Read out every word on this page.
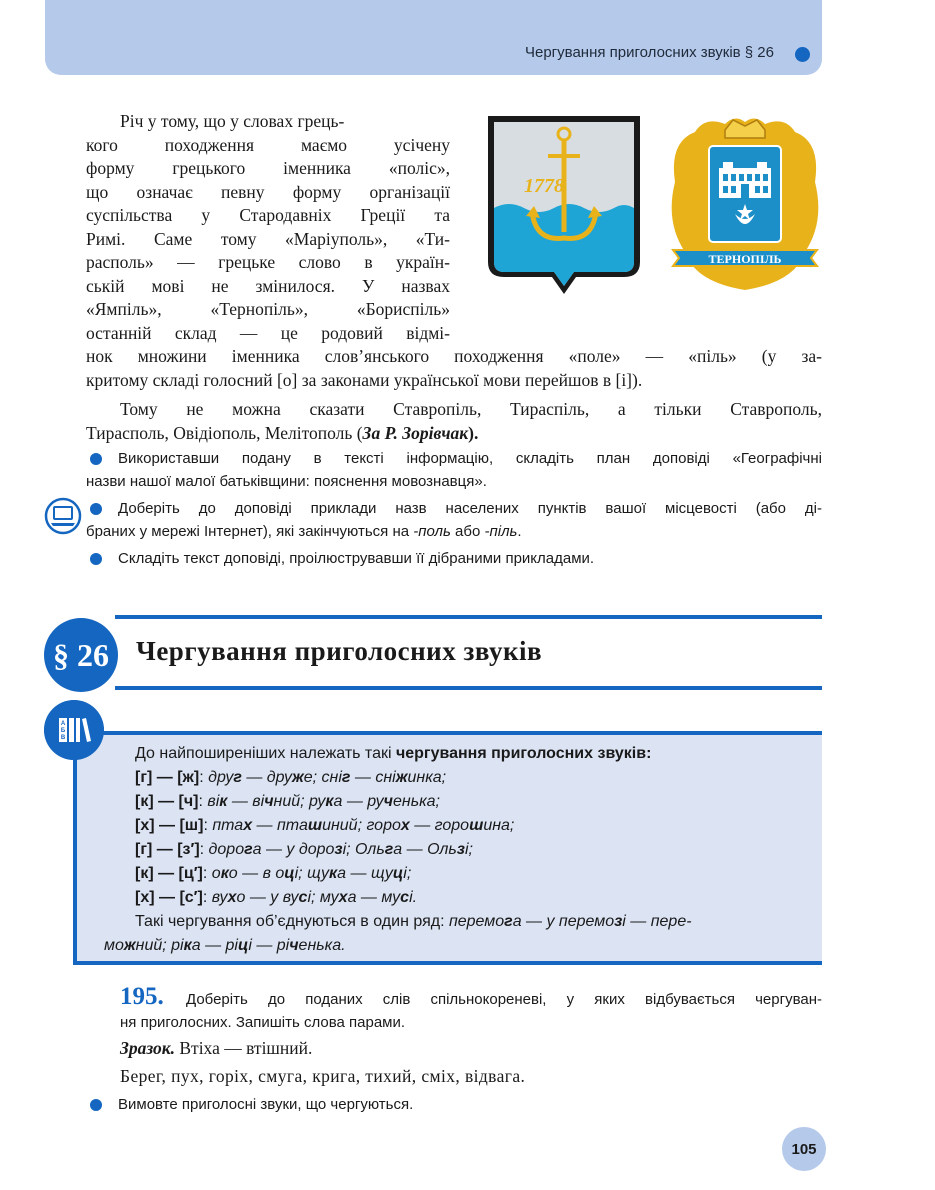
Чергування приголосних звуків § 26

Річ у тому, що у словах грець-

кого походження маємо усічену

форму грецького іменника «поліс»,

що означає певну форму організації

суспільства у Стародавніх Греції та

Римі. Саме тому «Маріуполь», «Ти-

располь» — грецьке слово в україн-

ській мові не змінилося. У назвах

«Ямпіль», «Тернопіль», «Бориспіль»

останній склад — це родовий відмі-

нок множини іменника слов’янського походження «поле» — «піль» (у за-

критому складі голосний [о] за законами української мови перейшов в [і]).

Тому не можна сказати Ставропіль, Тираспіль, а тільки Ставрополь,

Тирасполь, Овідіополь, Мелітополь (За Р. Зорівчак).

1778
ТЕРНОПІЛЬ

Використавши подану в тексті інформацію, складіть план доповіді «Географічні

назви нашої малої батьківщини: пояснення мовознавця».

Доберіть до доповіді приклади назв населених пунктів вашої місцевості (або ді-

браних у мережі Інтернет), які закінчуються на -поль або -піль.

Складіть текст доповіді, проілюструвавши її дібраними прикладами.

§ 26	Чергування приголосних звуків
А
Б
В
До найпоширеніших належать такі чергування приголосних звуків:
[г] — [ж]: друг — друже; сніг — сніжинка;
[к] — [ч]: вік — вічний; рука — рученька;
[х] — [ш]: птах — пташиний; горох — горошина;
[г] — [з′]: дорога — у дорозі; Ольга — Ользі;
[к] — [ц′]: око — в оці; щука — щуці;
[х] — [с′]: вухо — у вусі; муха — мусі.
Такі чергування об’єднуються в один ряд: перемога — у перемозі — пере-
можний; ріка — ріці — річенька.
195. Доберіть до поданих слів спільнокореневі, у яких відбувається чергуван-

ня приголосних. Запишіть слова парами.

Зразок. Втіха — втішний.

Берег, пух, горіх, смуга, крига, тихий, сміх, відвага.

Вимовте приголосні звуки, що чергуються.

105
